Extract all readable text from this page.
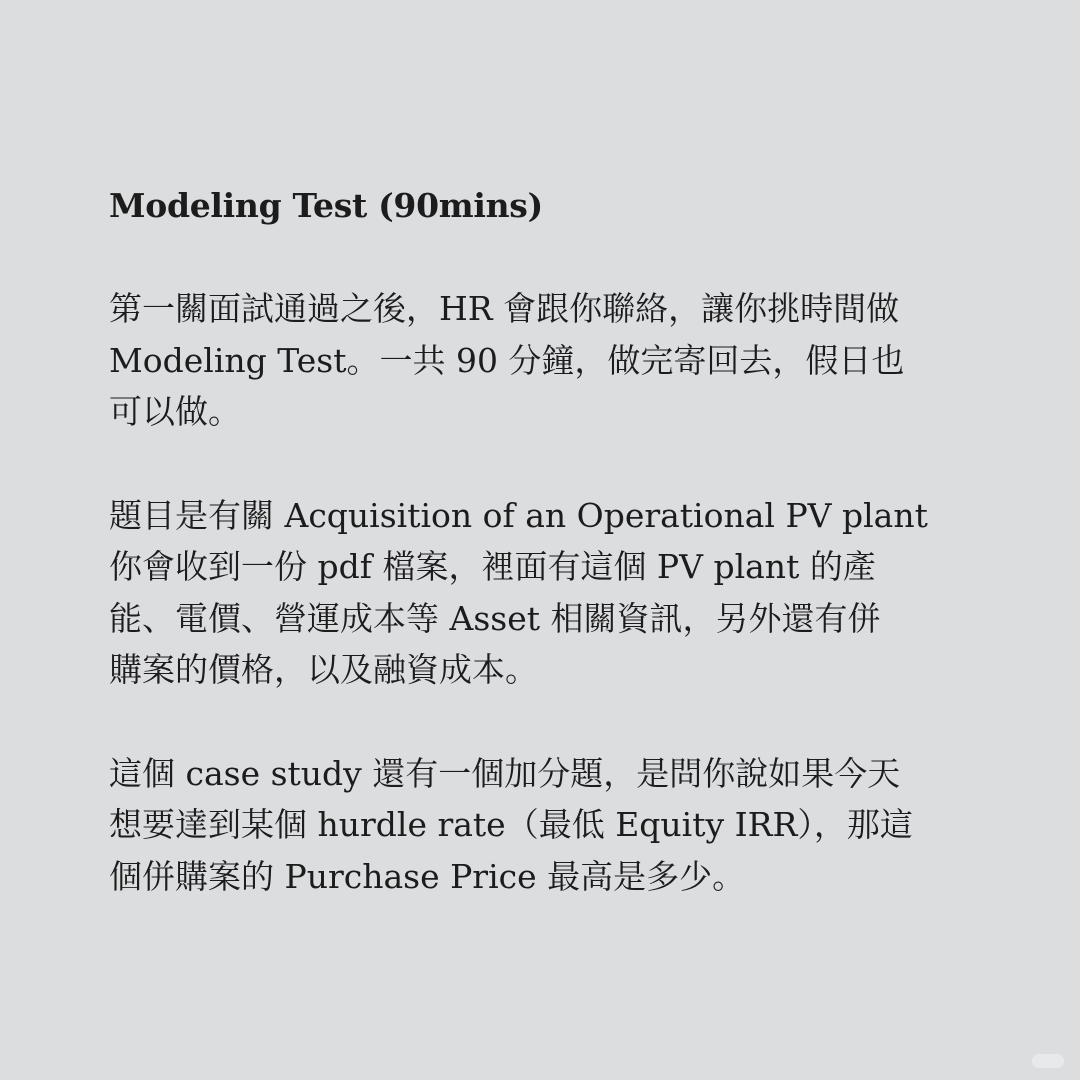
Modeling Test (90mins)
第一關面試通過之後，HR 會跟你聯絡，讓你挑時間做
Modeling Test。一共 90 分鐘，做完寄回去，假日也
可以做。
題目是有關 Acquisition of an Operational PV plant
你會收到一份 pdf 檔案，裡面有這個 PV plant 的產
能、電價、營運成本等 Asset 相關資訊，另外還有併
購案的價格，以及融資成本。
這個 case study 還有一個加分題，是問你說如果今天
想要達到某個 hurdle rate（最低 Equity IRR），那這
個併購案的 Purchase Price 最高是多少。
